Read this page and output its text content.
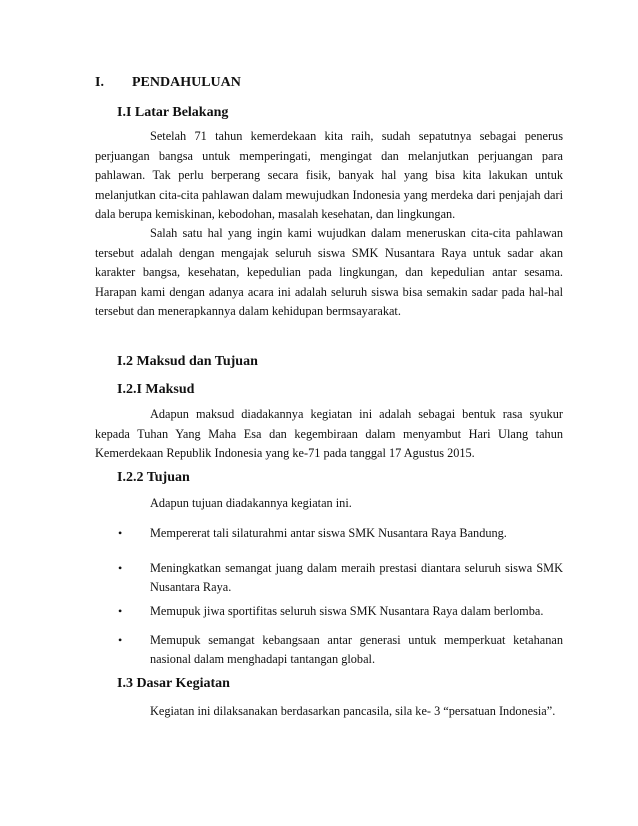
I. PENDAHULUAN
I.I Latar Belakang

Setelah 71 tahun kemerdekaan kita raih, sudah sepatutnya sebagai penerus perjuangan bangsa untuk memperingati, mengingat dan melanjutkan perjuangan para pahlawan. Tak perlu berperang secara fisik, banyak hal yang bisa kita lakukan untuk melanjutkan cita-cita pahlawan dalam mewujudkan Indonesia yang merdeka dari penjajah dari dala berupa kemiskinan, kebodohan, masalah kesehatan, dan lingkungan.

Salah satu hal yang ingin kami wujudkan dalam meneruskan cita-cita pahlawan tersebut adalah dengan mengajak seluruh siswa SMK Nusantara Raya untuk sadar akan karakter bangsa, kesehatan, kepedulian pada lingkungan, dan kepedulian antar sesama. Harapan kami dengan adanya acara ini adalah seluruh siswa bisa semakin sadar pada hal-hal tersebut dan menerapkannya dalam kehidupan bermsayarakat.

I.2 Maksud dan Tujuan
I.2.I Maksud

Adapun maksud diadakannya kegiatan ini adalah sebagai bentuk rasa syukur kepada Tuhan Yang Maha Esa dan kegembiraan dalam menyambut Hari Ulang tahun Kemerdekaan Republik Indonesia yang ke-71 pada tanggal 17 Agustus 2015.

I.2.2 Tujuan
Adapun tujuan diadakannya kegiatan ini.
•	Mempererat tali silaturahmi antar siswa SMK Nusantara Raya Bandung.
•	Meningkatkan semangat juang dalam meraih prestasi diantara seluruh siswa SMK Nusantara Raya.
•	Memupuk jiwa sportifitas seluruh siswa SMK Nusantara Raya dalam berlomba.
•	Memupuk semangat kebangsaan antar generasi untuk memperkuat ketahanan nasional dalam menghadapi tantangan global.
I.3 Dasar Kegiatan
Kegiatan ini dilaksanakan berdasarkan pancasila, sila ke- 3 “persatuan Indonesia”.
